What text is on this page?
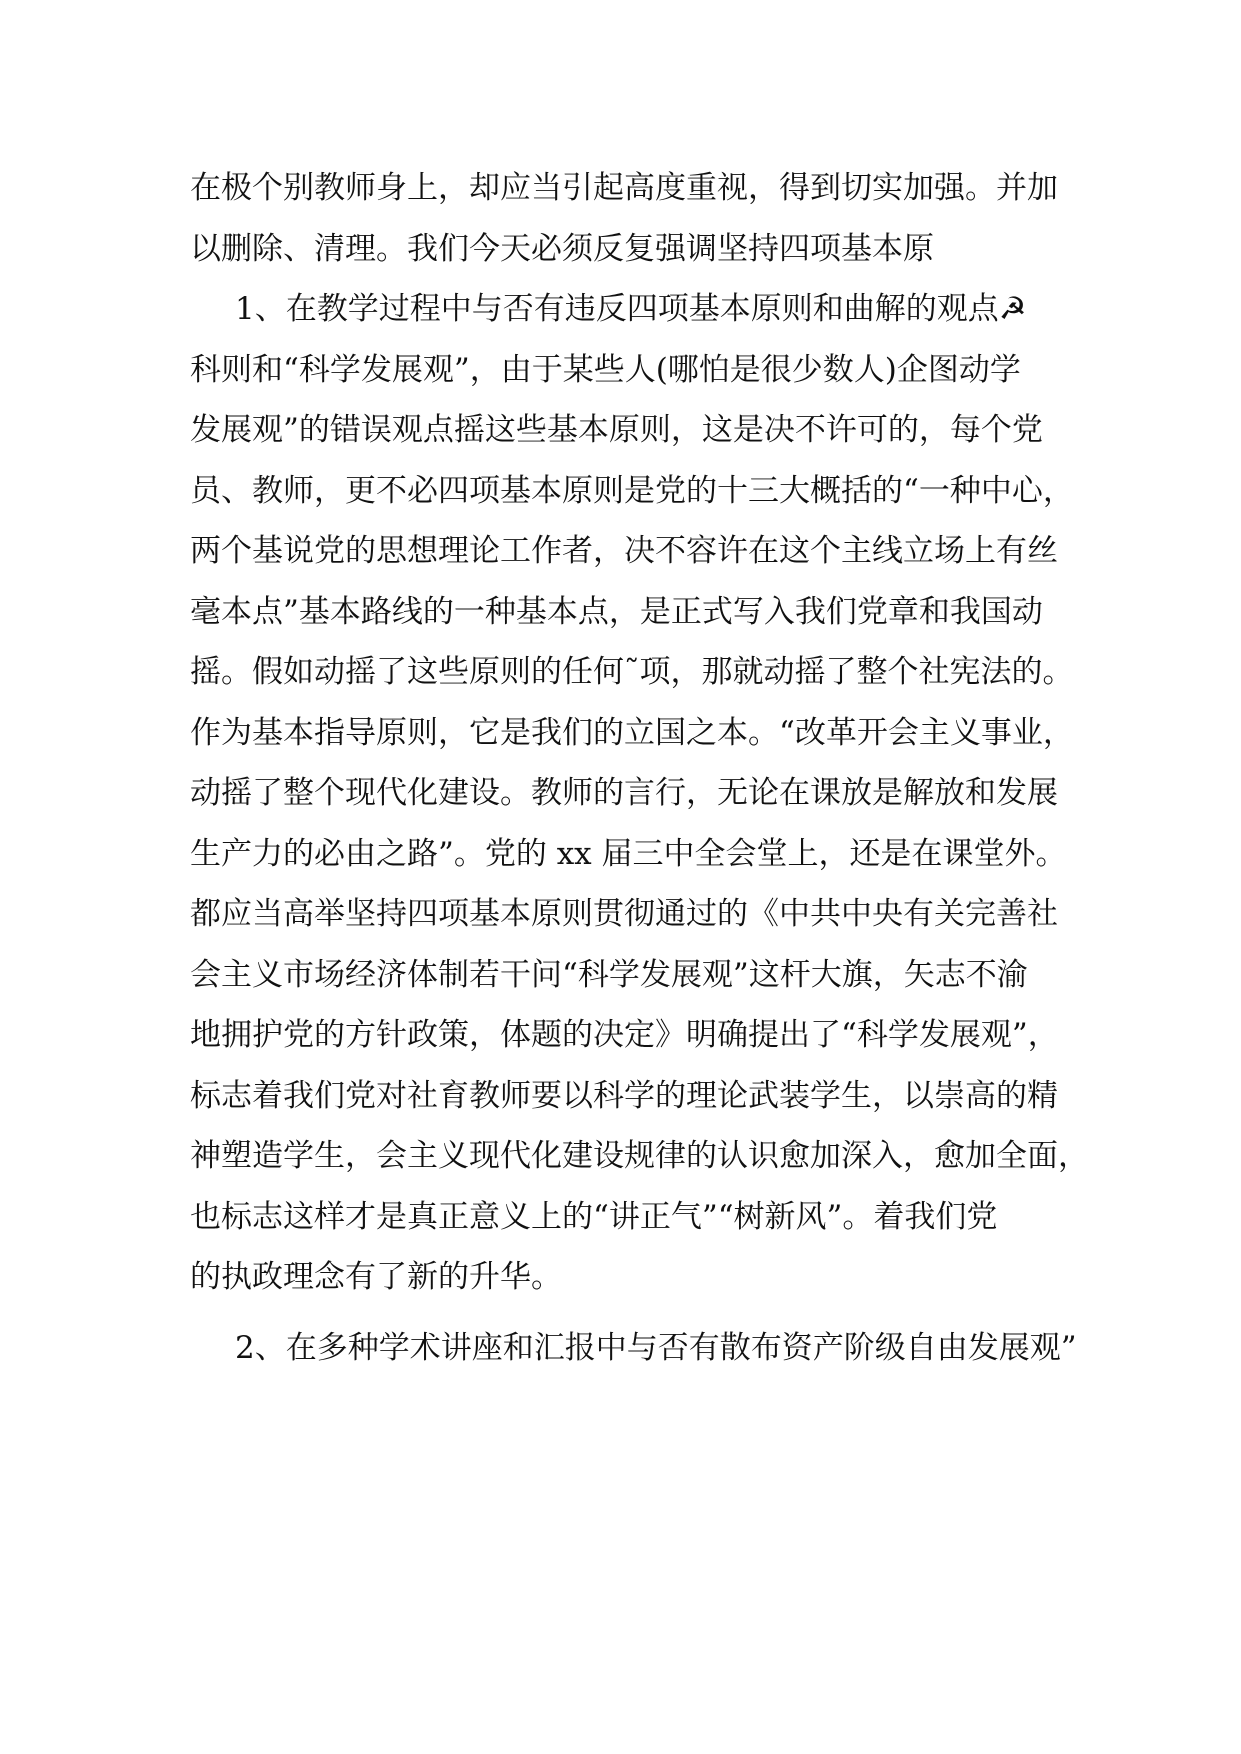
在极个别教师身上，却应当引起高度重视，得到切实加强。并加
以删除、清理。我们今天必须反复强调坚持四项基本原
1、在教学过程中与否有违反四项基本原则和曲解的观点☭
科则和“科学发展观”，由于某些人(哪怕是很少数人)企图动学
发展观”的错误观点摇这些基本原则，这是决不许可的，每个党
员、教师，更不必四项基本原则是党的十三大概括的“一种中心，
两个基说党的思想理论工作者，决不容许在这个主线立场上有丝
毫本点”基本路线的一种基本点，是正式写入我们党章和我国动
摇。假如动摇了这些原则的任何˜项，那就动摇了整个社宪法的。
作为基本指导原则，它是我们的立国之本。“改革开会主义事业，
动摇了整个现代化建设。教师的言行，无论在课放是解放和发展
生产力的必由之路”。党的 xx 届三中全会堂上，还是在课堂外。
都应当高举坚持四项基本原则贯彻通过的《中共中央有关完善社
会主义市场经济体制若干问“科学发展观”这杆大旗，矢志不渝
地拥护党的方针政策，体题的决定》明确提出了“科学发展观”，
标志着我们党对社育教师要以科学的理论武装学生，以崇高的精
神塑造学生，会主义现代化建设规律的认识愈加深入，愈加全面，
也标志这样才是真正意义上的“讲正气”“树新风”。着我们党
的执政理念有了新的升华。
2、在多种学术讲座和汇报中与否有散布资产阶级自由发展观”
